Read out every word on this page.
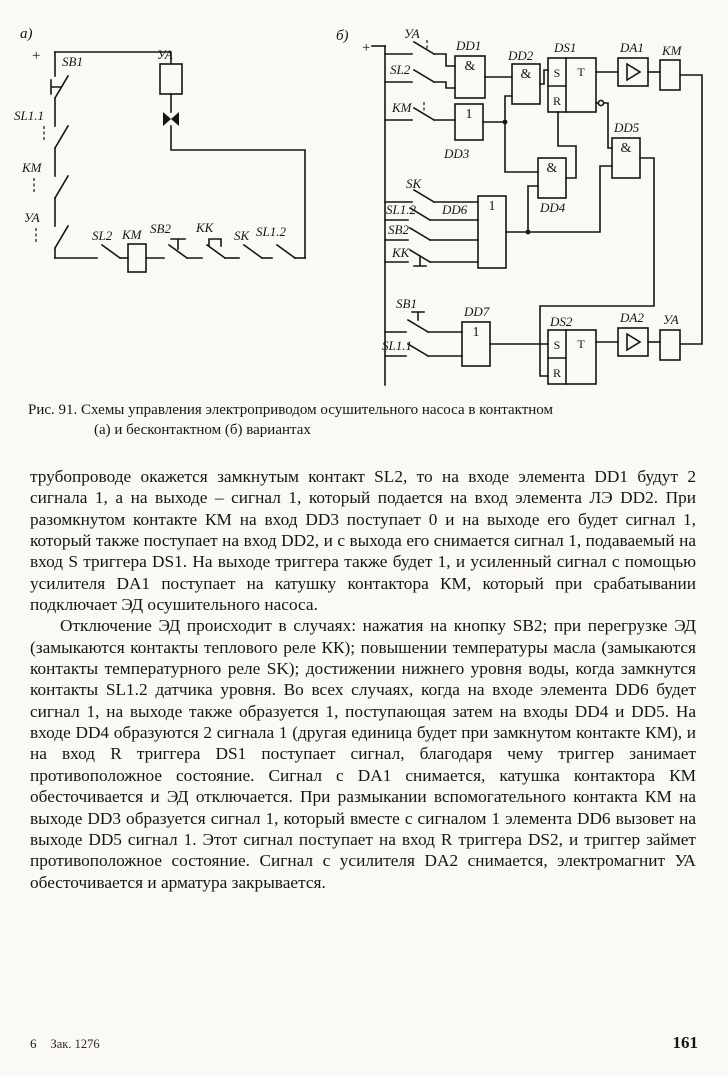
а)
+ SB1
SL1.1
КМ
УА
УА
SL2 КМ SB2 КК
SK SL1.2
б)
+
УА
SL2
КМ
SK
SL1.2
SB2
КК
SB1
SL1.1
DD1
DD2
DS1	DA1 КМ
DD3
DD4
DD5
DD6
DD7
DS2	DA2 УА
&
&
&
&
1
1
1
S T
R
S T
R
Рис. 91. Схемы управления электроприводом осушительного насоса в контактном
(а) и бесконтактном (б) вариантах

трубопроводе окажется замкнутым контакт SL2, то на входе элемента DD1 будут 2 сигнала 1, а на выходе – сигнал 1, который подается на вход элемента ЛЭ DD2. При разомкнутом контакте КМ на вход DD3 поступает 0 и на выходе его будет сигнал 1, который также поступает на вход DD2, и с выхода его снимается сигнал 1, подаваемый на вход S триггера DS1. На выходе триггера также будет 1, и усиленный сигнал с помощью усилителя DA1 поступает на катушку контактора КМ, который при срабатывании подключает ЭД осушительного насоса.

Отключение ЭД происходит в случаях: нажатия на кнопку SB2; при перегрузке ЭД (замыкаются контакты теплового реле КК); повышении температуры масла (замыкаются контакты температурного реле SK); достижении нижнего уровня воды, когда замкнутся контакты SL1.2 датчика уровня. Во всех случаях, когда на входе элемента DD6 будет сигнал 1, на выходе также образуется 1, поступающая затем на входы DD4 и DD5. На входе DD4 образуются 2 сигнала 1 (другая единица будет при замкнутом контакте КМ), и на вход R триггера DS1 поступает сигнал, благодаря чему триггер занимает противоположное состояние. Сигнал с DA1 снимается, катушка контактора КМ обесточивается и ЭД отключается. При размыкании вспомогательного контакта КМ на выходе DD3 образуется сигнал 1, который вместе с сигналом 1 элемента DD6 вызовет на выходе DD5 сигнал 1. Этот сигнал поступает на вход R триггера DS2, и триггер займет противоположное состояние. Сигнал с усилителя DA2 снимается, электромагнит УА обесточивается и арматура закрывается.

6 Зак. 1276	161
